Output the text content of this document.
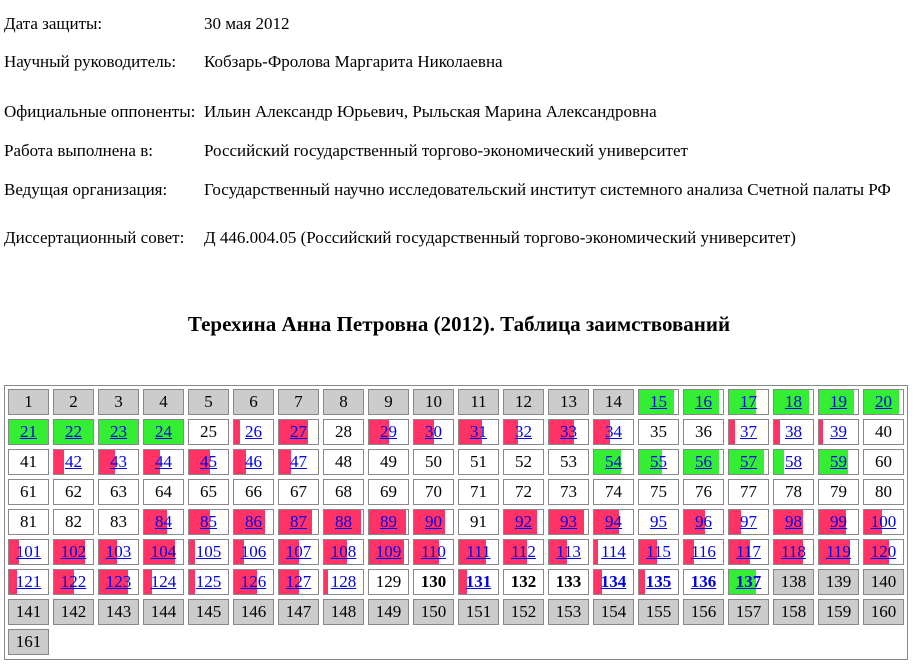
Дата защиты:	30 мая 2012
Научный руководитель:	Кобзарь-Фролова Маргарита Николаевна
Официальные оппоненты:	Ильин Александр Юрьевич, Рыльская Марина Александровна
Работа выполнена в:	Российский государственный торгово-экономический университет
Ведущая организация:	Государственный научно исследовательский институт системного анализа Счетной палаты РФ
Диссертационный совет:	Д 446.004.05 (Российский государственный торгово-экономический университет)
Терехина Анна Петровна (2012). Таблица заимствований
1	2	3	4	5	6	7	8	9	10	11	12	13	14	15	16	17	18	19	20
21	22	23	24	25	26	27	28	29	30	31	32	33	34	35	36	37	38	39	40
41	42	43	44	45	46	47	48	49	50	51	52	53	54	55	56	57	58	59	60
61	62	63	64	65	66	67	68	69	70	71	72	73	74	75	76	77	78	79	80
81	82	83	84	85	86	87	88	89	90	91	92	93	94	95	96	97	98	99	100
101	102	103	104	105	106	107	108	109	110	111	112	113	114	115	116	117	118	119	120
121	122	123	124	125	126	127	128	129	130	131	132	133	134	135	136	137	138	139	140
141	142	143	144	145	146	147	148	149	150	151	152	153	154	155	156	157	158	159	160
161
